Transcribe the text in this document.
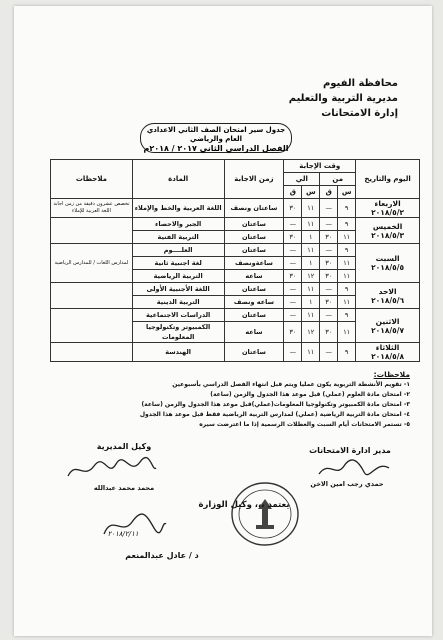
محافظة الفيوم
مديرية التربية والتعليم
إدارة الامتحانات
جدول سير امتحان الصف الثاني الاعدادي العام والرياضي
الفصل الدراسي الثاني ٢٠١٧ / ٢٠١٨م
اليوم والتاريخ	وقت الإجابة				زمن الاجابة	المادة	ملاحظات
	من		الي				
	س	ق	س	ق			

الاربعاء
٢٠١٨/٥/٢	٩	—	١١	٣٠	ساعتان ونصف	اللغة العربية والخط والإملاء	تخصص عشرون دقيقة من زمن اجابة اللغة العربية للإملاء

الخميس
٢٠١٨/٥/٣	٩	—	١١	—	ساعتان	الجبر والاحصاء	
	١١	٣٠	١	٣٠	ساعتان	التربية الفنية	

السبت
٢٠١٨/٥/٥	٩	—	١١	—	ساعتان	العلــــوم	لمدارس اللغات / للمدارس الرياضية
	١١	٣٠	١	—	ساعةونصف	لغة اجنبية ثانية	
	١١	٣٠	١٢	٣٠	ساعه	التربية الرياضية	

الاحد
٢٠١٨/٥/٦	٩	—	١١	—	ساعتان	اللغة الأجنبية الأولى	
	١١	٣٠	١	—	ساعه ونصف	التربية الدينية	

الاثنين
٢٠١٨/٥/٧	٩	—	١١	—	ساعتان	الدراسات الاجتماعية	
	١١	٣٠	١٢	٣٠	ساعه	الكمبيوتر وتكنولوجيا المعلومات	

الثلاثاء
٢٠١٨/٥/٨	٩	—	١١	—	ساعتان	الهندسة	
ملاحظات:
١- تقويم الأنشطة التربوية يكون عمليا ويتم قبل انتهاء الفصل الدراسي بأسبوعين
٢- امتحان مادة العلوم (عملي) قبل موعد هذا الجدول والزمن (ساعة)
٣- امتحان مادة الكمبيوتر وتكنولوجيا المعلومات(عملي)قبل موعد هذا الجدول والزمن (ساعة)
٤- امتحان مادة التربية الرياضية (عملي) لمدارس التربية الرياضية فقط قبل موعد هذا الجدول
٥- تستمر الامتحانات أيام السبت والعطلات الرسمية إذا ما اعترضت سيره
مدير ادارة الامتحانات
حمدي رجب امين الاخن
وكيل المديرية
محمد محمد عبدالله
يعتمد ،،، وكيل الوزارة
٢٠١٨/٢/١١
د / عادل عبدالمنعم
